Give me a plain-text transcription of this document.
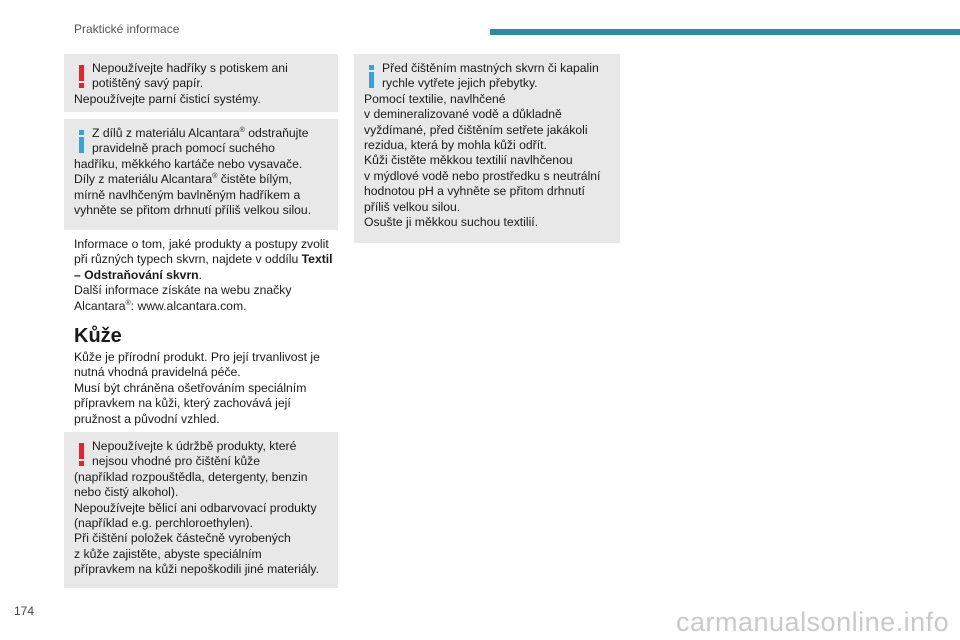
Praktické informace
Nepoužívejte hadříky s potiskem ani
potištěný savý papír.
Nepoužívejte parní čisticí systémy.
Z dílů z materiálu Alcantara® odstraňujte
pravidelně prach pomocí suchého
hadříku, měkkého kartáče nebo vysavače.
Díly z materiálu Alcantara® čistěte bílým,
mírně navlhčeným bavlněným hadříkem a
vyhněte se přitom drhnutí příliš velkou silou.
Informace o tom, jaké produkty a postupy zvolit
při různých typech skvrn, najdete v oddílu Textil
– Odstraňování skvrn.
Další informace získáte na webu značky
Alcantara®: www.alcantara.com.
Kůže
Kůže je přírodní produkt. Pro její trvanlivost je
nutná vhodná pravidelná péče.
Musí být chráněna ošetřováním speciálním
přípravkem na kůži, který zachovává její
pružnost a původní vzhled.
Nepoužívejte k údržbě produkty, které
nejsou vhodné pro čištění kůže
(například rozpouštědla, detergenty, benzin
nebo čistý alkohol).
Nepoužívejte bělicí ani odbarvovací produkty
(například e.g. perchloroethylen).
Při čištění položek částečně vyrobených
z kůže zajistěte, abyste speciálním
přípravkem na kůži nepoškodili jiné materiály.
Před čištěním mastných skvrn či kapalin
rychle vytřete jejich přebytky.
Pomocí textilie, navlhčené
v demineralizované vodě a důkladně
vyždímané, před čištěním setřete jakákoli
rezidua, která by mohla kůži odřít.
Kůži čistěte měkkou textilií navlhčenou
v mýdlové vodě nebo prostředku s neutrální
hodnotou pH a vyhněte se přitom drhnutí
příliš velkou silou.
Osušte ji měkkou suchou textilií.
174	carmanualsonline.info
